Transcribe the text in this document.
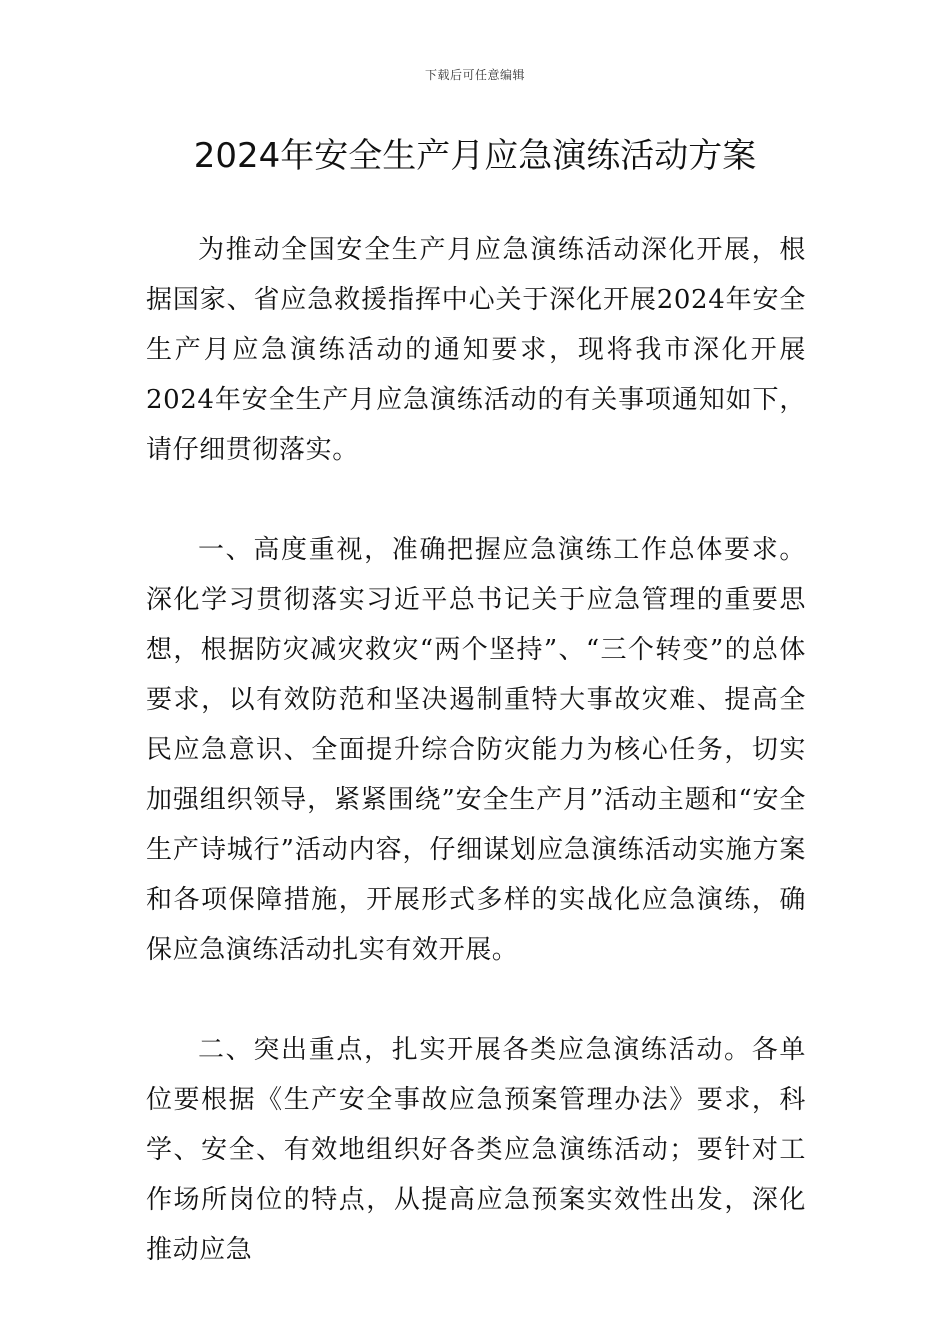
下载后可任意编辑
2024年安全生产月应急演练活动方案

为推动全国安全生产月应急演练活动深化开展，根据国家、省应急救援指挥中心关于深化开展2024年安全生产月应急演练活动的通知要求，现将我市深化开展2024年安全生产月应急演练活动的有关事项通知如下，请仔细贯彻落实。

一、高度重视，准确把握应急演练工作总体要求。深化学习贯彻落实习近平总书记关于应急管理的重要思想，根据防灾减灾救灾“两个坚持”、“三个转变”的总体要求，以有效防范和坚决遏制重特大事故灾难、提高全民应急意识、全面提升综合防灾能力为核心任务，切实加强组织领导，紧紧围绕”安全生产月”活动主题和“安全生产诗城行”活动内容，仔细谋划应急演练活动实施方案和各项保障措施，开展形式多样的实战化应急演练，确保应急演练活动扎实有效开展。

二、突出重点，扎实开展各类应急演练活动。各单位要根据《生产安全事故应急预案管理办法》要求，科学、安全、有效地组织好各类应急演练活动；要针对工作场所岗位的特点，从提高应急预案实效性出发，深化推动应急
